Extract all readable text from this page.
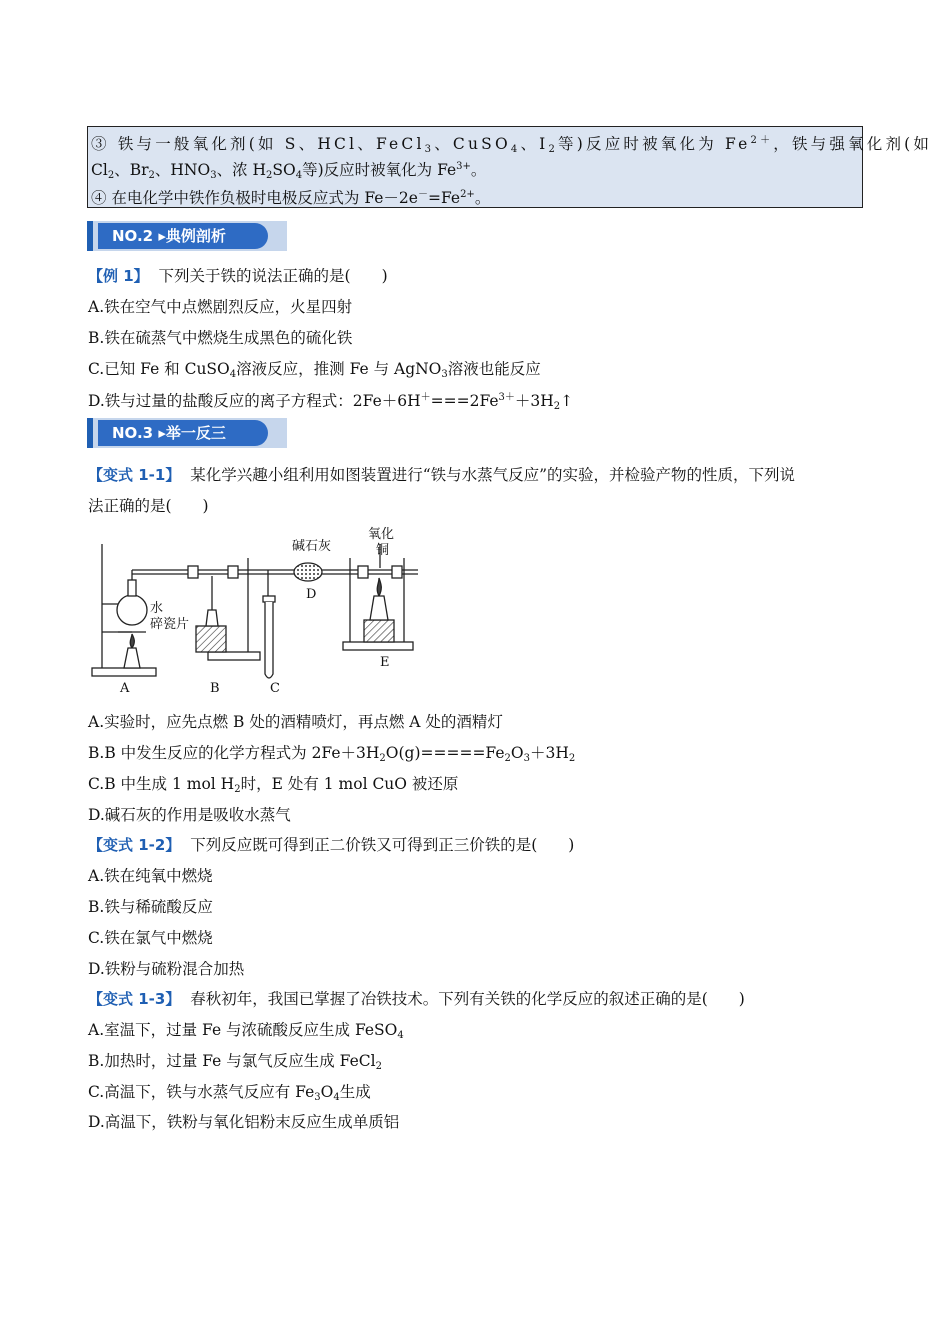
③ 铁与一般氧化剂(如 S、HCl、FeCl$_3$、CuSO$_4$、$I_2$等)反应时被氧化为 $Fe^{2+}$，铁与强氧化剂(如
$Cl_2$、$Br_2$、$HNO_3$、浓 $H_2SO_4$等)反应时被氧化为 $Fe^{3+}$。
④ 在电化学中铁作负极时电极反应式为 $Fe-2e^-=Fe^{2+}$。
NO.2 ▸典例剖析
【例 1】 下列关于铁的说法正确的是(　　)
A.铁在空气中点燃剧烈反应，火星四射
B.铁在硫蒸气中燃烧生成黑色的硫化铁
C.已知 Fe 和 CuSO$_4$溶液反应，推测 Fe 与 AgNO$_3$溶液也能反应
D.铁与过量的盐酸反应的离子方程式：$2Fe+6H^+===2Fe^{3+}+3H_2↑$
NO.3 ▸举一反三
【变式 1-1】 某化学兴趣小组利用如图装置进行“铁与水蒸气反应”的实验，并检验产物的性质，下列说
法正确的是(　　)
水
碎瓷片
碱石灰
氧化
铜
A	B	C
D
E
A.实验时，应先点燃 B 处的酒精喷灯，再点燃 A 处的酒精灯
B.B 中发生反应的化学方程式为 $2Fe+3H_2O(g)=====Fe_2O_3+3H_2$
C.B 中生成 1 mol $H_2$时，E 处有 1 mol CuO 被还原
D.碱石灰的作用是吸收水蒸气
【变式 1-2】 下列反应既可得到正二价铁又可得到正三价铁的是(　　)
A.铁在纯氧中燃烧
B.铁与稀硫酸反应
C.铁在氯气中燃烧
D.铁粉与硫粉混合加热
【变式 1-3】 春秋初年，我国已掌握了冶铁技术。下列有关铁的化学反应的叙述正确的是(　　)
A.室温下，过量 Fe 与浓硫酸反应生成 FeSO$_4$
B.加热时，过量 Fe 与氯气反应生成 FeCl$_2$
C.高温下，铁与水蒸气反应有 $Fe_3O_4$生成
D.高温下，铁粉与氧化铝粉末反应生成单质铝
